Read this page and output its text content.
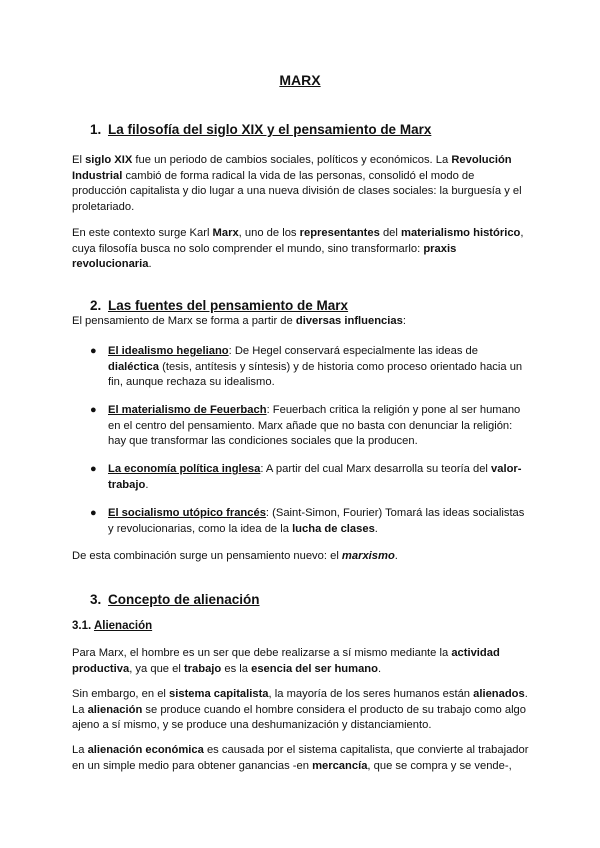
MARX
1. La filosofía del siglo XIX y el pensamiento de Marx
El siglo XIX fue un periodo de cambios sociales, políticos y económicos. La Revolución Industrial cambió de forma radical la vida de las personas, consolidó el modo de producción capitalista y dio lugar a una nueva división de clases sociales: la burguesía y el proletariado.
En este contexto surge Karl Marx, uno de los representantes del materialismo histórico, cuya filosofía busca no solo comprender el mundo, sino transformarlo: praxis revolucionaria.
2. Las fuentes del pensamiento de Marx
El pensamiento de Marx se forma a partir de diversas influencias:
● El idealismo hegeliano: De Hegel conservará especialmente las ideas de dialéctica (tesis, antítesis y síntesis) y de historia como proceso orientado hacia un fin, aunque rechaza su idealismo.
● El materialismo de Feuerbach: Feuerbach critica la religión y pone al ser humano en el centro del pensamiento. Marx añade que no basta con denunciar la religión: hay que transformar las condiciones sociales que la producen.
● La economía política inglesa: A partir del cual Marx desarrolla su teoría del valor-trabajo.
● El socialismo utópico francés: (Saint-Simon, Fourier) Tomará las ideas socialistas y revolucionarias, como la idea de la lucha de clases.
De esta combinación surge un pensamiento nuevo: el marxismo.
3. Concepto de alienación
3.1. Alienación
Para Marx, el hombre es un ser que debe realizarse a sí mismo mediante la actividad productiva, ya que el trabajo es la esencia del ser humano.
Sin embargo, en el sistema capitalista, la mayoría de los seres humanos están alienados. La alienación se produce cuando el hombre considera el producto de su trabajo como algo ajeno a sí mismo, y se produce una deshumanización y distanciamiento.
La alienación económica es causada por el sistema capitalista, que convierte al trabajador en un simple medio para obtener ganancias -en mercancía, que se compra y se vende-,
